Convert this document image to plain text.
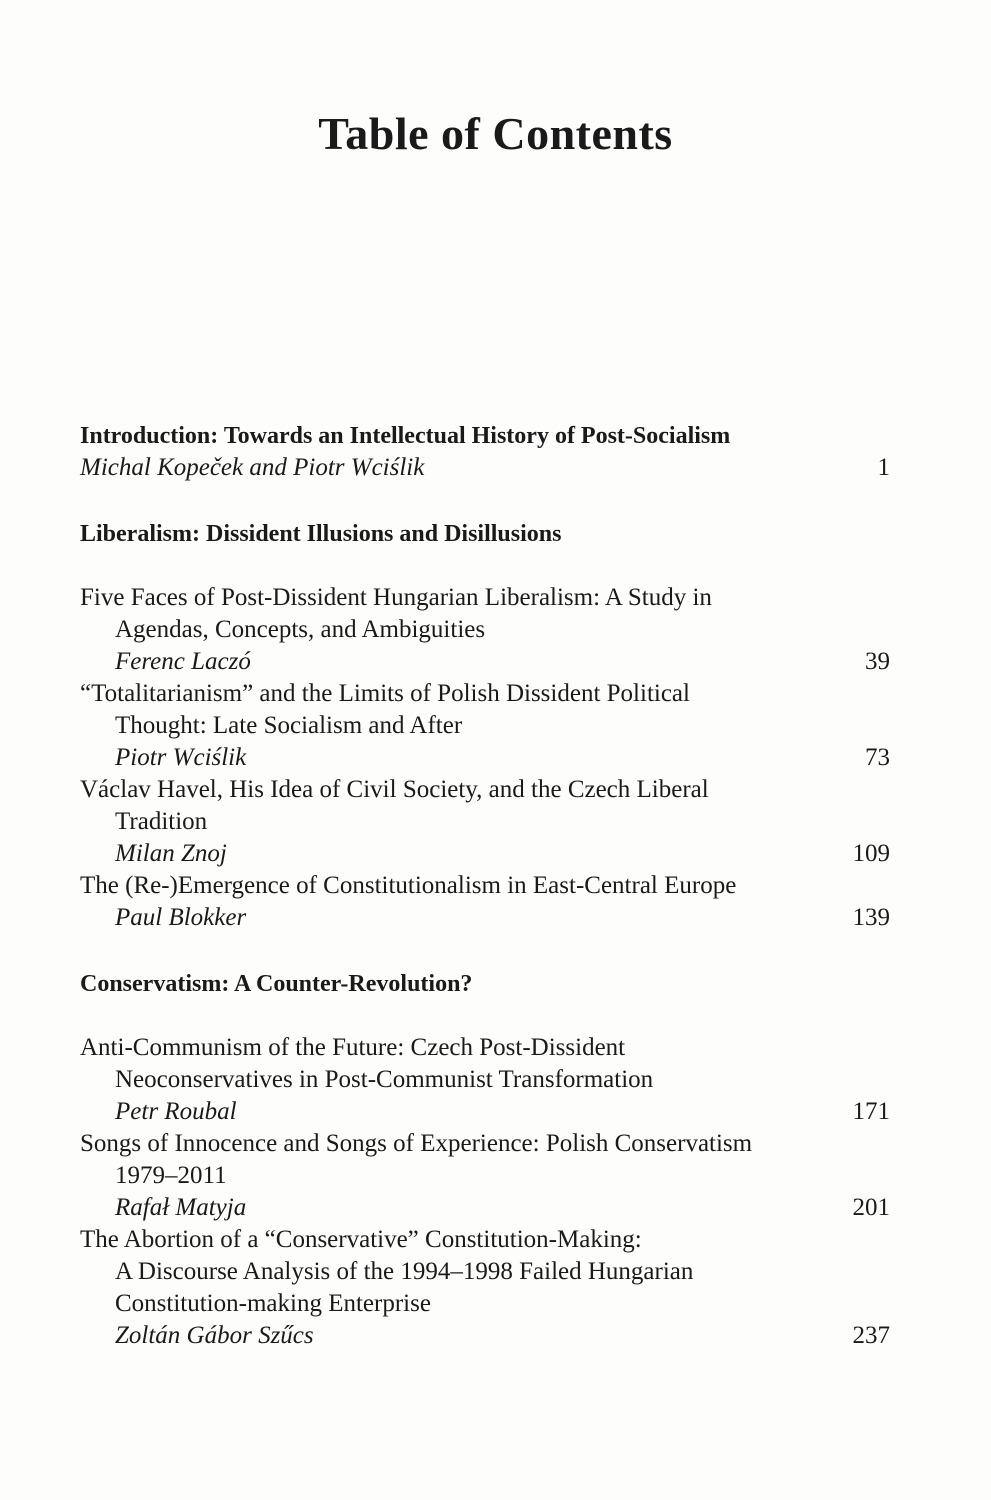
Table of Contents
Introduction: Towards an Intellectual History of Post-Socialism
Michal Kopeček and Piotr Wciślik	1
Liberalism: Dissident Illusions and Disillusions
Five Faces of Post-Dissident Hungarian Liberalism: A Study in
Agendas, Concepts, and Ambiguities
Ferenc Laczó	39
“Totalitarianism” and the Limits of Polish Dissident Political
Thought: Late Socialism and After
Piotr Wciślik	73
Václav Havel, His Idea of Civil Society, and the Czech Liberal
Tradition
Milan Znoj	109
The (Re-)Emergence of Constitutionalism in East-Central Europe
Paul Blokker	139
Conservatism: A Counter-Revolution?
Anti-Communism of the Future: Czech Post-Dissident
Neoconservatives in Post-Communist Transformation
Petr Roubal	171
Songs of Innocence and Songs of Experience: Polish Conservatism
1979–2011
Rafał Matyja	201
The Abortion of a “Conservative” Constitution-Making:
A Discourse Analysis of the 1994–1998 Failed Hungarian
Constitution-making Enterprise
Zoltán Gábor Szűcs	237
